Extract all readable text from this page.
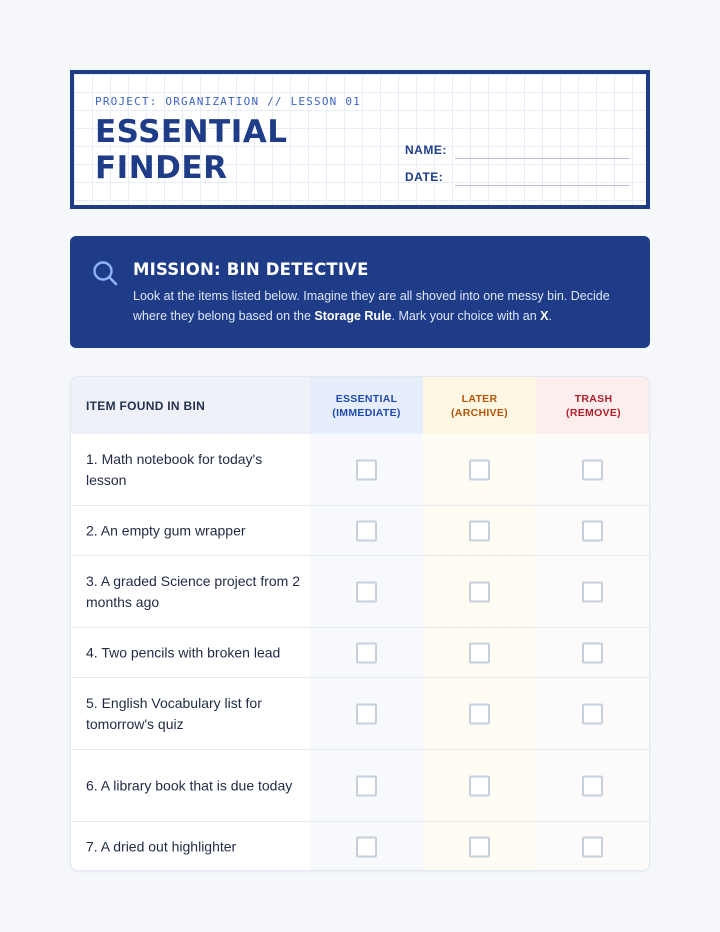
PROJECT: ORGANIZATION // LESSON 01
ESSENTIAL
FINDER	NAME:
DATE:
MISSION: BIN DETECTIVE
Look at the items listed below. Imagine they are all shoved into one messy bin. Decide where they belong based on the Storage Rule. Mark your choice with an X.
ITEM FOUND IN BIN	ESSENTIAL (IMMEDIATE)
LATER (ARCHIVE)
TRASH (REMOVE)
1. Math notebook for today's lesson
2. An empty gum wrapper
3. A graded Science project from 2 months ago
4. Two pencils with broken lead
5. English Vocabulary list for tomorrow's quiz
6. A library book that is due today
7. A dried out highlighter
